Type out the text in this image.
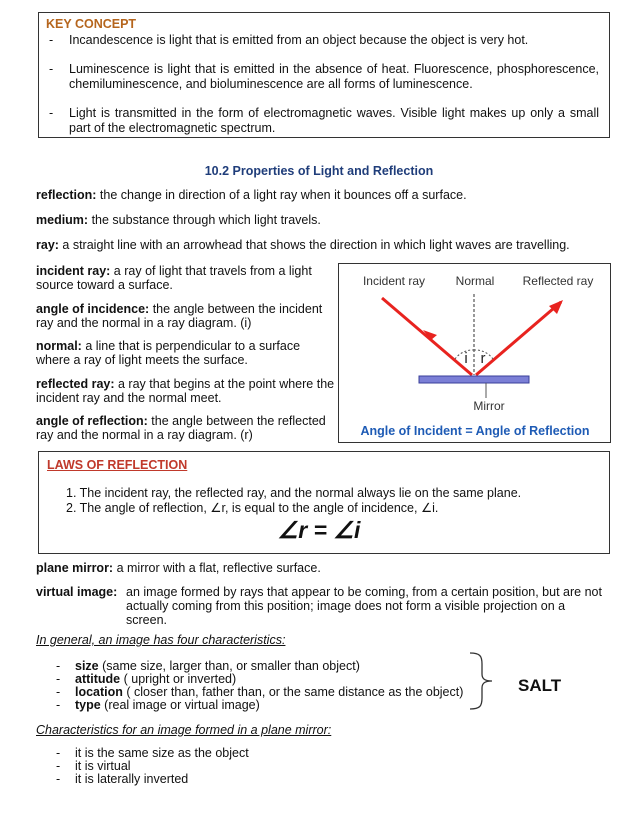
KEY CONCEPT
- Incandescence is light that is emitted from an object because the object is very hot.
- Luminescence is light that is emitted in the absence of heat. Fluorescence, phosphorescence, chemiluminescence, and bioluminescence are all forms of luminescence.
- Light is transmitted in the form of electromagnetic waves. Visible light makes up only a small part of the electromagnetic spectrum.
10.2 Properties of Light and Reflection
reflection: the change in direction of a light ray when it bounces off a surface.
medium: the substance through which light travels.
ray: a straight line with an arrowhead that shows the direction in which light waves are travelling.
incident ray: a ray of light that travels from a light source toward a surface.
angle of incidence: the angle between the incident ray and the normal in a ray diagram. (i)
normal: a line that is perpendicular to a surface where a ray of light meets the surface.
reflected ray: a ray that begins at the point where the incident ray and the normal meet.
angle of reflection: the angle between the reflected ray and the normal in a ray diagram. (r)
Incident ray	Normal Reflected ray
i r
Mirror
Angle of Incident = Angle of Reflection
LAWS OF REFLECTION
1. The incident ray, the reflected ray, and the normal always lie on the same plane.
2. The angle of reflection, ∠r, is equal to the angle of incidence, ∠i.
∠r = ∠i
plane mirror: a mirror with a flat, reflective surface.
virtual image: an image formed by rays that appear to be coming, from a certain position, but are not actually coming from this position; image does not form a visible projection on a screen.
In general, an image has four characteristics:
- size (same size, larger than, or smaller than object)
- attitude ( upright or inverted)
- location ( closer than, father than, or the same distance as the object)
- type (real image or virtual image)
SALT
Characteristics for an image formed in a plane mirror:
- it is the same size as the object
- it is virtual
- it is laterally inverted
